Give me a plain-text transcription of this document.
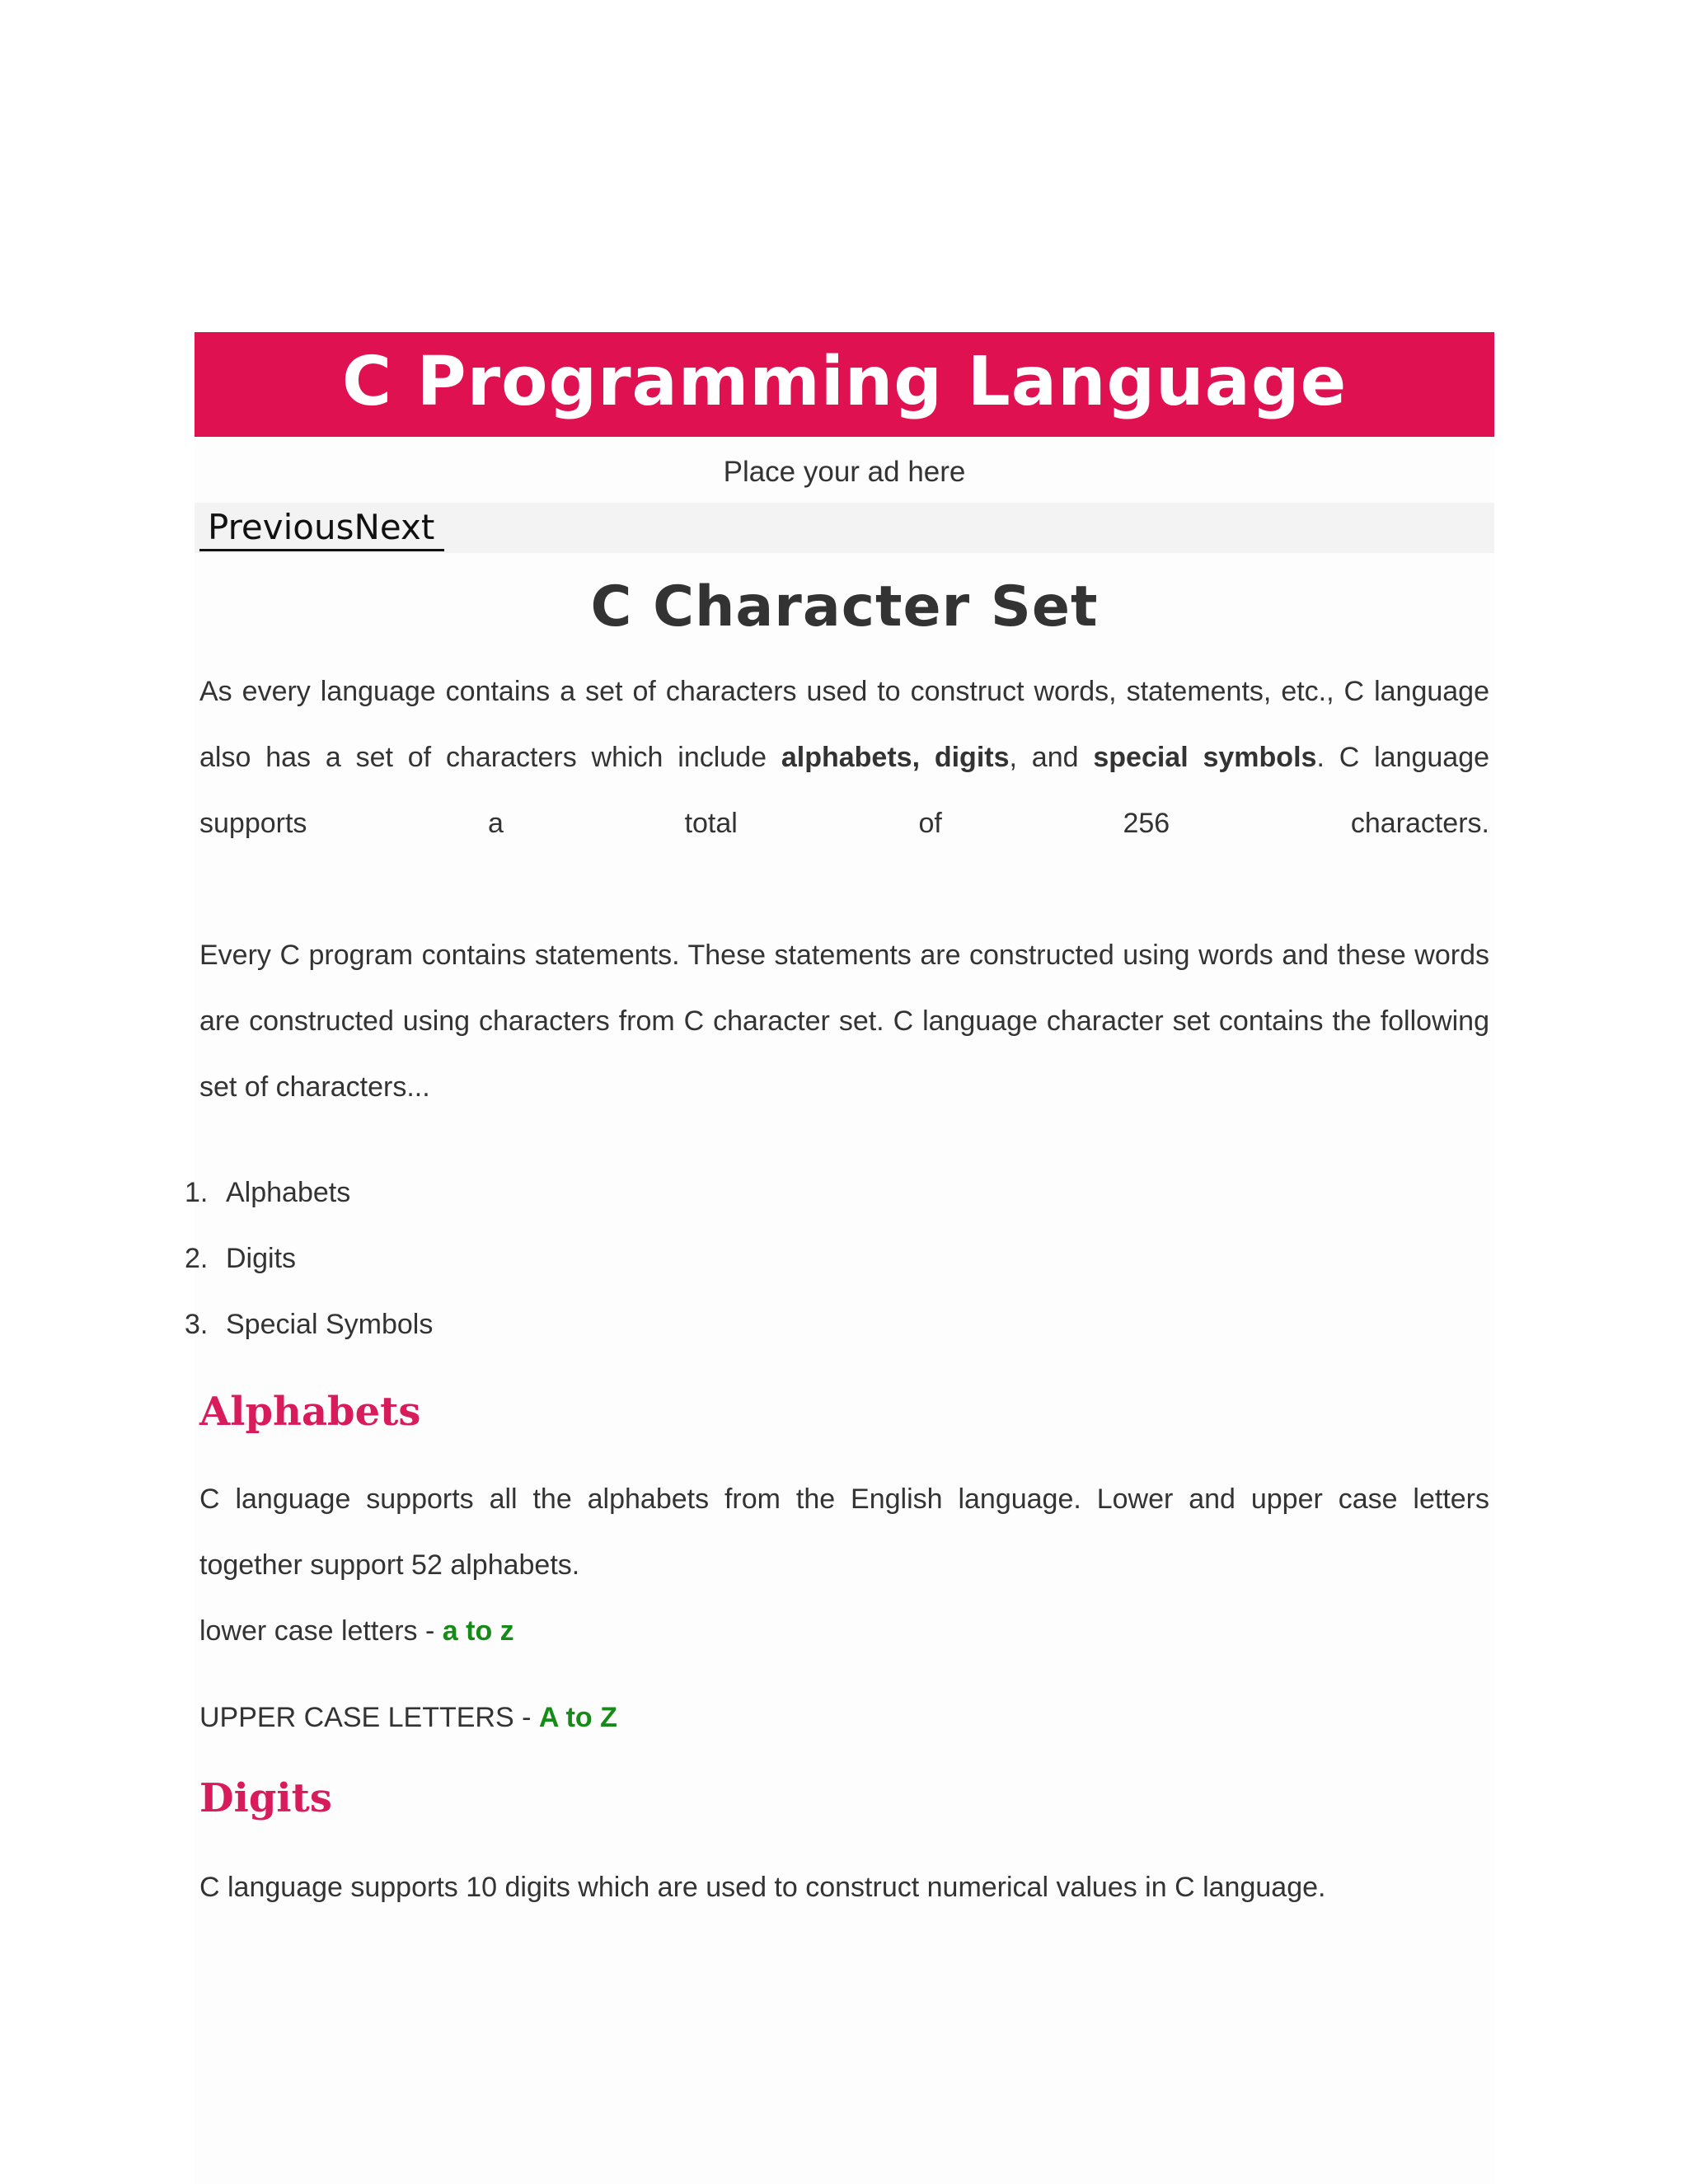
C Programming Language
Place your ad here
PreviousNext
C Character Set

As every language contains a set of characters used to construct words, statements, etc., C language also has a set of characters which include alphabets, digits, and special symbols. C language supports a total of 256 characters.

Every C program contains statements. These statements are constructed using words and these words are constructed using characters from C character set. C language character set contains the following set of characters...

1. Alphabets
2. Digits
3. Special Symbols
Alphabets

C language supports all the alphabets from the English language. Lower and upper case letters together support 52 alphabets.

lower case letters - a to z

UPPER CASE LETTERS - A to Z

Digits

C language supports 10 digits which are used to construct numerical values in C language.
